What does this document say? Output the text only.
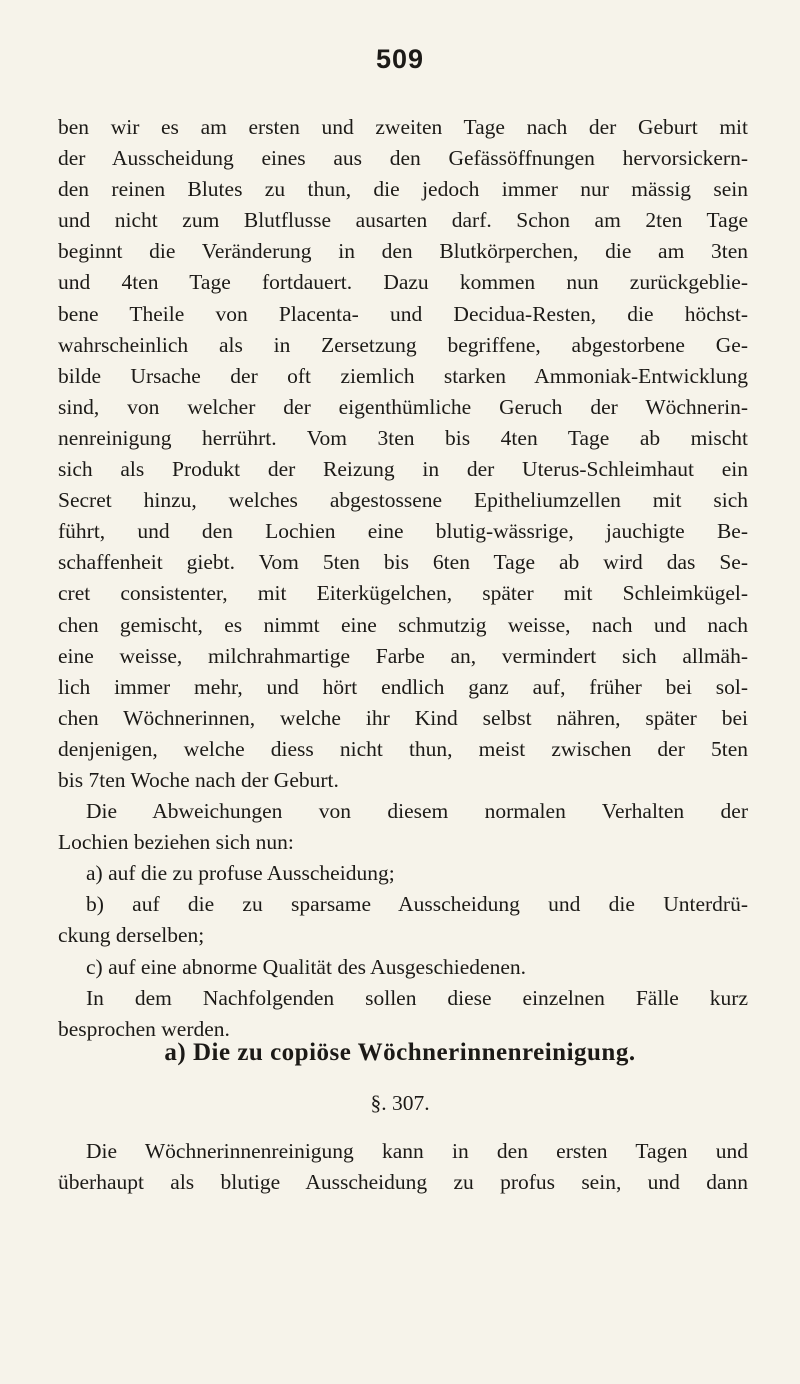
509
ben wir es am ersten und zweiten Tage nach der Geburt mit
der Ausscheidung eines aus den Gefässöffnungen hervorsickern-
den reinen Blutes zu thun, die jedoch immer nur mässig sein
und nicht zum Blutflusse ausarten darf. Schon am 2ten Tage
beginnt die Veränderung in den Blutkörperchen, die am 3ten
und 4ten Tage fortdauert. Dazu kommen nun zurückgeblie-
bene Theile von Placenta- und Decidua-Resten, die höchst-
wahrscheinlich als in Zersetzung begriffene, abgestorbene Ge-
bilde Ursache der oft ziemlich starken Ammoniak-Entwicklung
sind, von welcher der eigenthümliche Geruch der Wöchnerin-
nenreinigung herrührt. Vom 3ten bis 4ten Tage ab mischt
sich als Produkt der Reizung in der Uterus-Schleimhaut ein
Secret hinzu, welches abgestossene Epitheliumzellen mit sich
führt, und den Lochien eine blutig-wässrige, jauchigte Be-
schaffenheit giebt. Vom 5ten bis 6ten Tage ab wird das Se-
cret consistenter, mit Eiterkügelchen, später mit Schleimkügel-
chen gemischt, es nimmt eine schmutzig weisse, nach und nach
eine weisse, milchrahmartige Farbe an, vermindert sich allmäh-
lich immer mehr, und hört endlich ganz auf, früher bei sol-
chen Wöchnerinnen, welche ihr Kind selbst nähren, später bei
denjenigen, welche diess nicht thun, meist zwischen der 5ten
bis 7ten Woche nach der Geburt.
Die Abweichungen von diesem normalen Verhalten der
Lochien beziehen sich nun:
a) auf die zu profuse Ausscheidung;
b) auf die zu sparsame Ausscheidung und die Unterdrü-
ckung derselben;
c) auf eine abnorme Qualität des Ausgeschiedenen.
In dem Nachfolgenden sollen diese einzelnen Fälle kurz
besprochen werden.
a) Die zu copiöse Wöchnerinnenreinigung.
§. 307.
Die Wöchnerinnenreinigung kann in den ersten Tagen und
überhaupt als blutige Ausscheidung zu profus sein, und dann
